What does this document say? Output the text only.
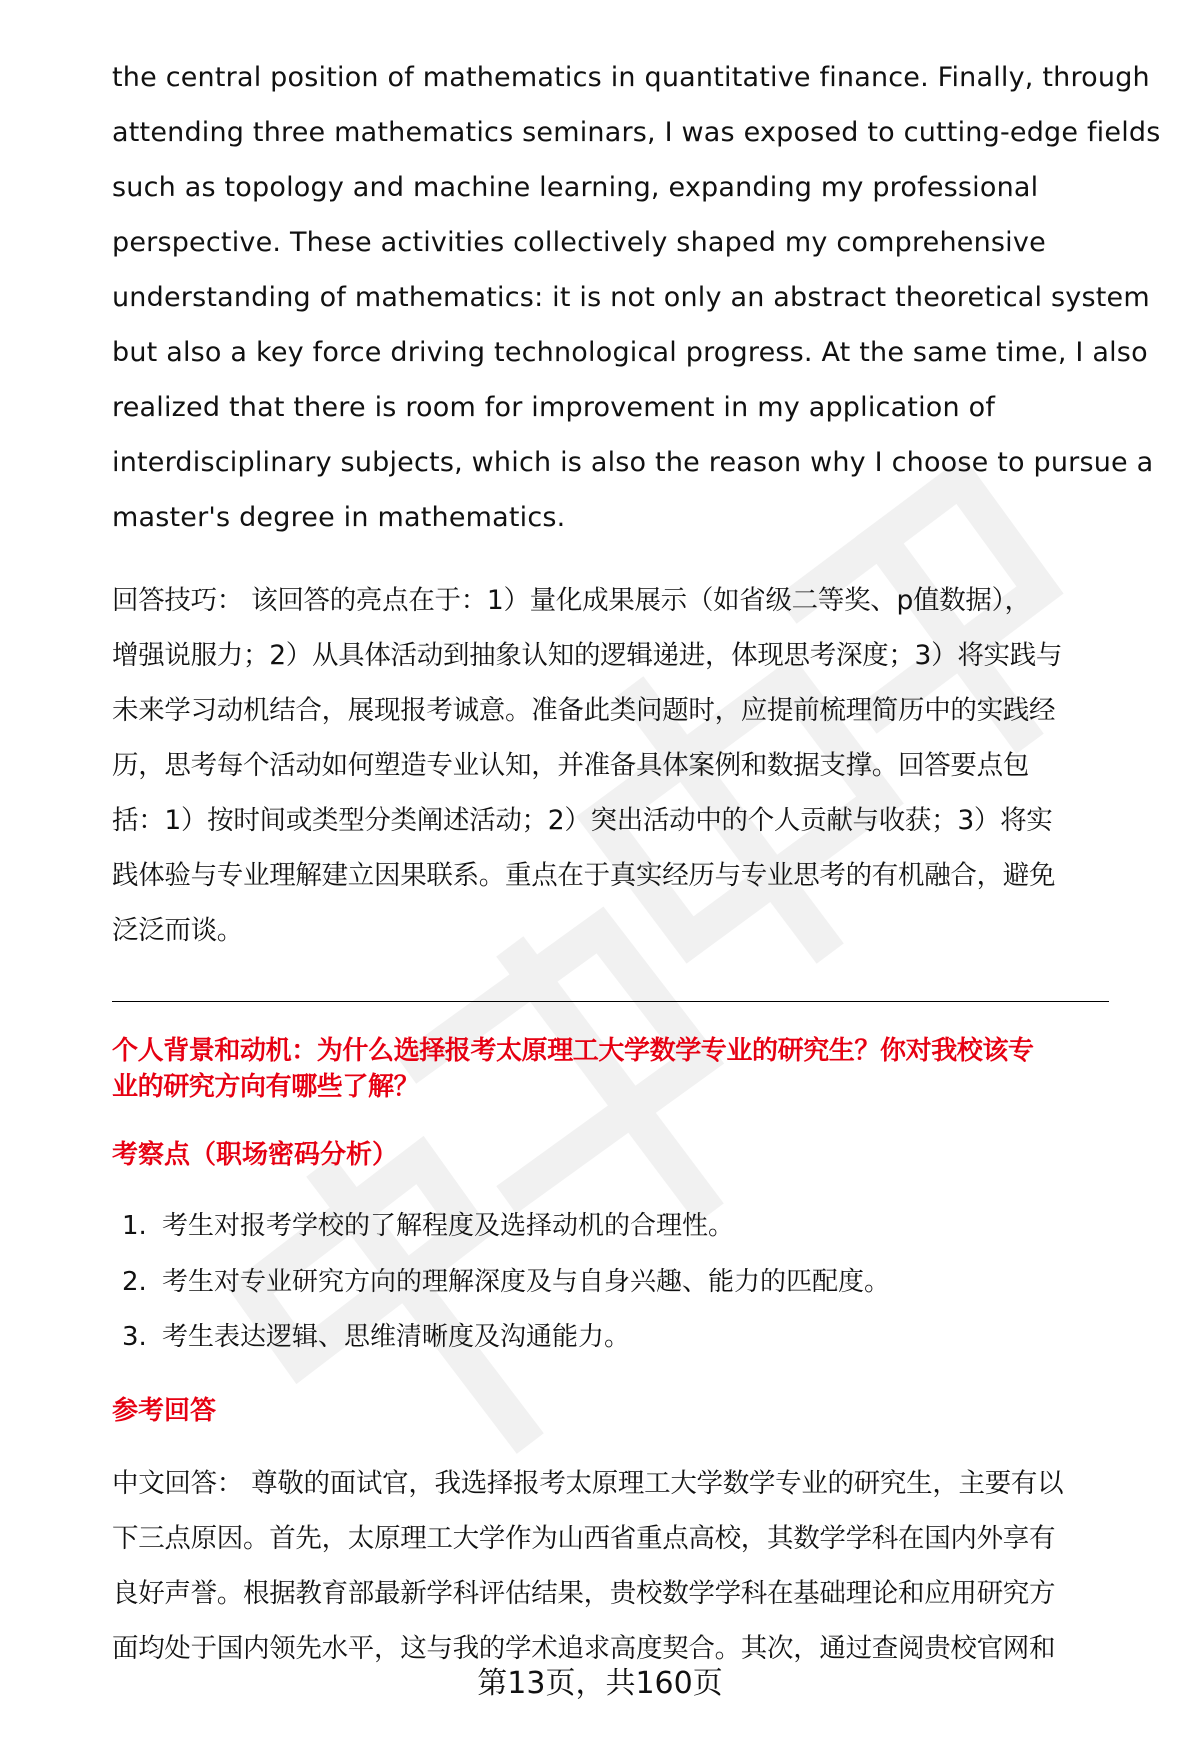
the central position of mathematics in quantitative finance. Finally, through
attending three mathematics seminars, I was exposed to cutting-edge fields
such as topology and machine learning, expanding my professional
perspective. These activities collectively shaped my comprehensive
understanding of mathematics: it is not only an abstract theoretical system
but also a key force driving technological progress. At the same time, I also
realized that there is room for improvement in my application of
interdisciplinary subjects, which is also the reason why I choose to pursue a
master's degree in mathematics.
回答技巧： 该回答的亮点在于：1）量化成果展示（如省级二等奖、p值数据），
增强说服力；2）从具体活动到抽象认知的逻辑递进，体现思考深度；3）将实践与
未来学习动机结合，展现报考诚意。准备此类问题时，应提前梳理简历中的实践经
历，思考每个活动如何塑造专业认知，并准备具体案例和数据支撑。回答要点包
括：1）按时间或类型分类阐述活动；2）突出活动中的个人贡献与收获；3）将实
践体验与专业理解建立因果联系。重点在于真实经历与专业思考的有机融合，避免
泛泛而谈。
个人背景和动机：为什么选择报考太原理工大学数学专业的研究生？你对我校该专
业的研究方向有哪些了解？
考察点（职场密码分析）
1. 考生对报考学校的了解程度及选择动机的合理性。
2. 考生对专业研究方向的理解深度及与自身兴趣、能力的匹配度。
3. 考生表达逻辑、思维清晰度及沟通能力。
参考回答
中文回答： 尊敬的面试官，我选择报考太原理工大学数学专业的研究生，主要有以
下三点原因。首先，太原理工大学作为山西省重点高校，其数学学科在国内外享有
良好声誉。根据教育部最新学科评估结果，贵校数学学科在基础理论和应用研究方
面均处于国内领先水平，这与我的学术追求高度契合。其次，通过查阅贵校官网和
第13页，共160页
